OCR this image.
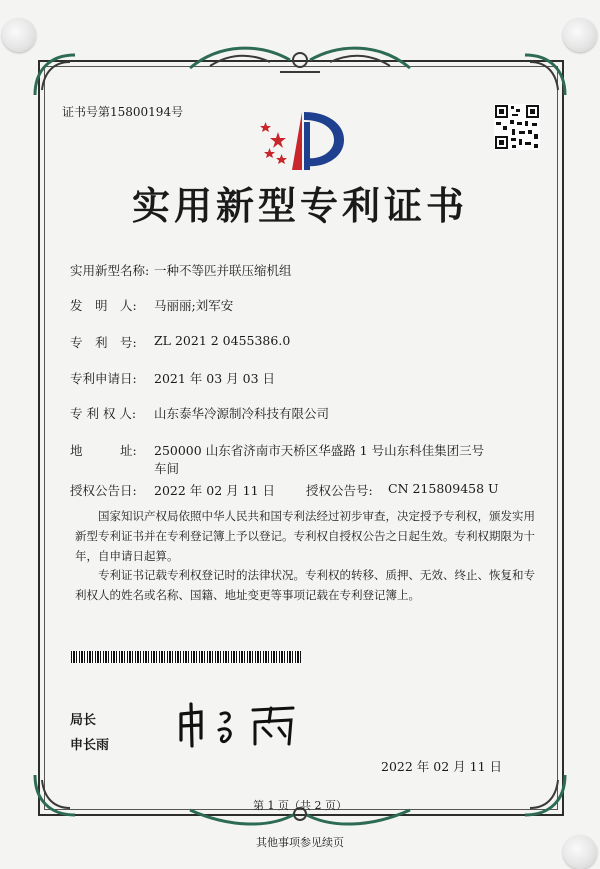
证书号第15800194号
实用新型专利证书
实用新型名称: 一种不等匹并联压缩机组
发　明　人: 马丽丽;刘军安
专　利　号: ZL 2021 2 0455386.0
专利申请日: 2021 年 03 月 03 日
专 利 权 人: 山东泰华冷源制冷科技有限公司
地　　　址: 250000 山东省济南市天桥区华盛路 1 号山东科佳集团三号
车间
授权公告日: 2022 年 02 月 11 日 授权公告号: CN 215809458 U
国家知识产权局依照中华人民共和国专利法经过初步审查，决定授予专利权，颁发实用新型专利证书并在专利登记簿上予以登记。专利权自授权公告之日起生效。专利权期限为十年，自申请日起算。
专利证书记载专利权登记时的法律状况。专利权的转移、质押、无效、终止、恢复和专利权人的姓名或名称、国籍、地址变更等事项记载在专利登记簿上。
局长
申长雨
2022 年 02 月 11 日
第 1 页（共 2 页）
其他事项参见续页
